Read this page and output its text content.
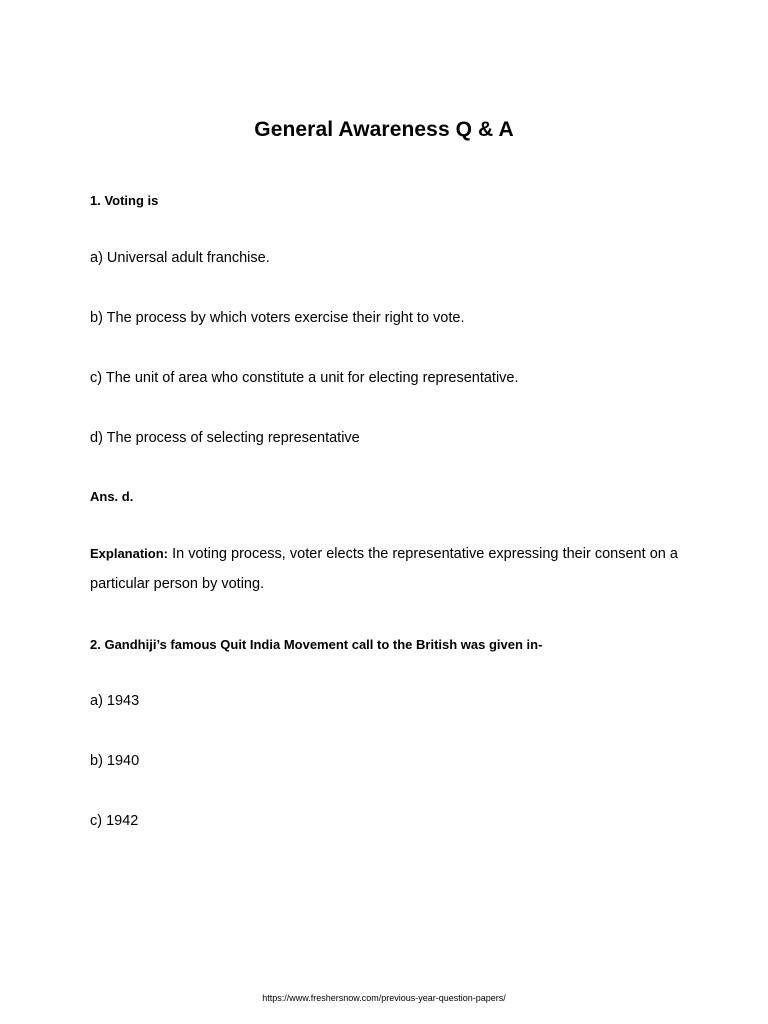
General Awareness Q & A
1. Voting is
a) Universal adult franchise.
b) The process by which voters exercise their right to vote.
c) The unit of area who constitute a unit for electing representative.
d) The process of selecting representative
Ans. d.
Explanation: In voting process, voter elects the representative expressing their consent on a particular person by voting.
2. Gandhiji’s famous Quit India Movement call to the British was given in-
a) 1943
b) 1940
c) 1942
https://www.freshersnow.com/previous-year-question-papers/
